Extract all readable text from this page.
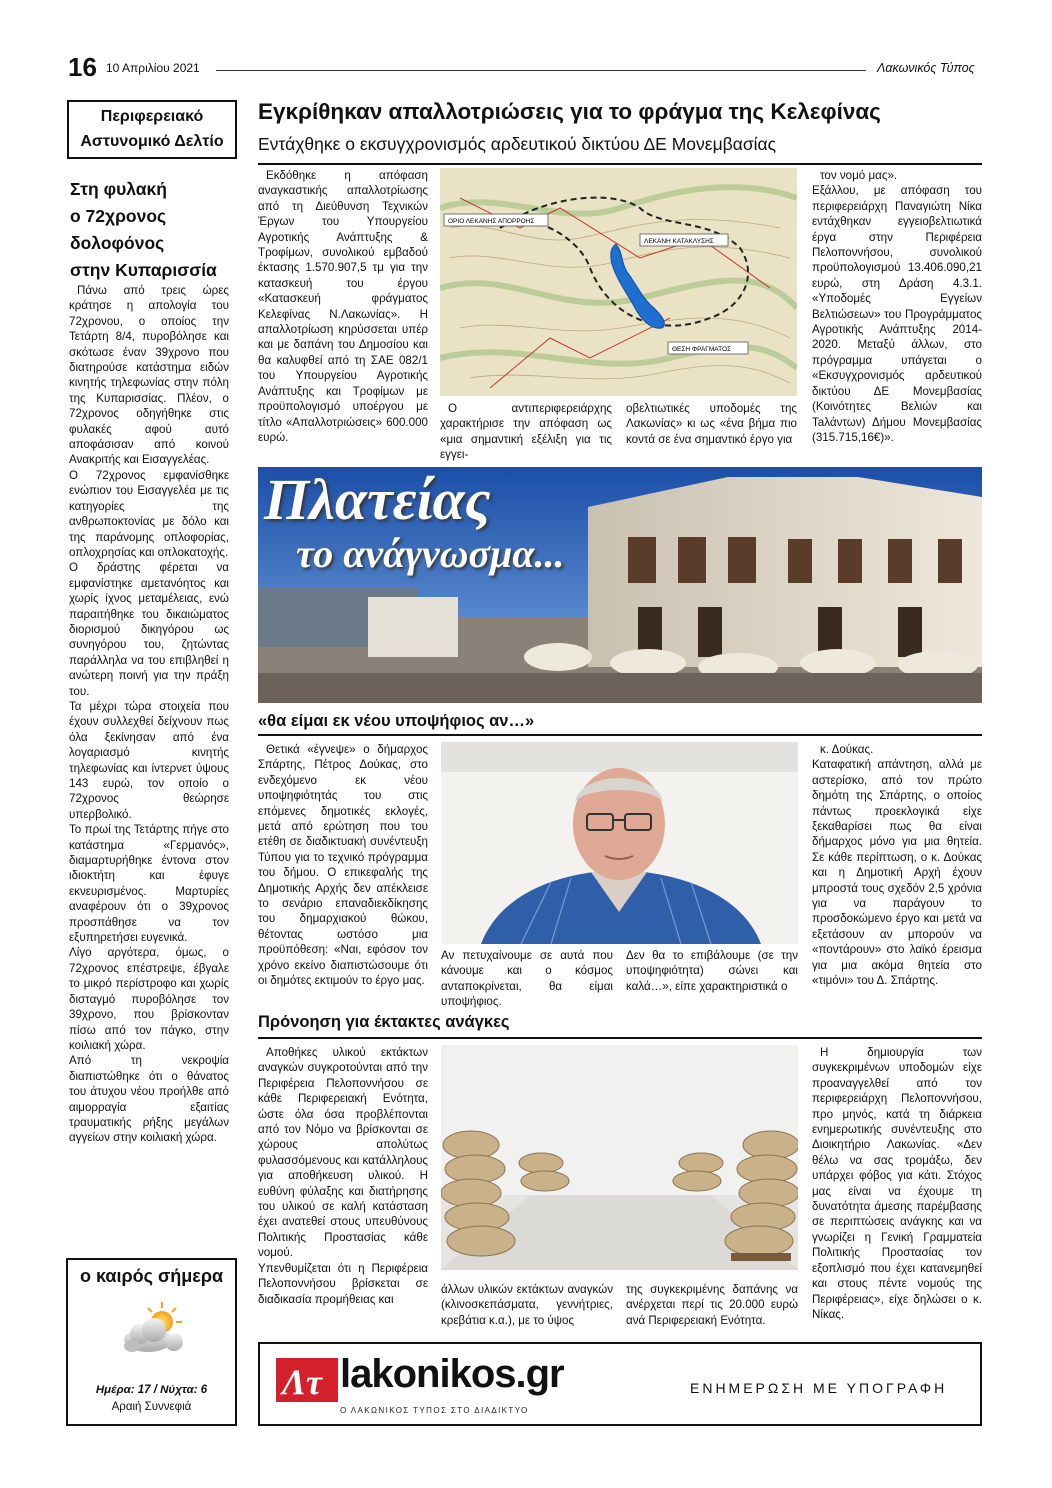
16 10 Απριλίου 2021	Λακωνικός Τύπος
Περιφερειακό
Αστυνομικό Δελτίο
Στη φυλακή
ο 72χρονος
δολοφόνος
στην Κυπαρισσία

Πάνω από τρεις ώρες κράτησε η απολογία του 72χρονου, ο οποίος την Τετάρτη 8/4, πυροβόλησε και σκότωσε έναν 39χρονο που διατηρούσε κατάστημα ειδών κινητής τηλεφωνίας στην πόλη της Κυπαρισσίας. Πλέον, ο 72χρονος οδηγήθηκε στις φυλακές αφού αυτό αποφάσισαν από κοινού Ανακριτής και Εισαγγελέας.
Ο 72χρονος εμφανίσθηκε ενώπιον του Εισαγγελέα με τις κατηγορίες της ανθρωποκτονίας με δόλο και της παράνομης οπλοφορίας, οπλοχρησίας και οπλοκατοχής.
Ο δράστης φέρεται να εμφανίστηκε αμετανόητος και χωρίς ίχνος μεταμέλειας, ενώ παραιτήθηκε του δικαιώματος διορισμού δικηγόρου ως συνηγόρου του, ζητώντας παράλληλα να του επιβληθεί η ανώτερη ποινή για την πράξη του.
Τα μέχρι τώρα στοιχεία που έχουν συλλεχθεί δείχνουν πως όλα ξεκίνησαν από ένα λογαριασμό κινητής τηλεφωνίας και ίντερνετ ύψους 143 ευρώ, τον οποίο ο 72χρονος θεώρησε υπερβολικό.
Το πρωί της Τετάρτης πήγε στο κατάστημα «Γερμανός», διαμαρτυρήθηκε έντονα στον ιδιοκτήτη και έφυγε εκνευρισμένος. Μαρτυρίες αναφέρουν ότι ο 39χρονος προσπάθησε να τον εξυπηρετήσει ευγενικά.
Λίγο αργότερα, όμως, ο 72χρονος επέστρεψε, έβγαλε το μικρό περίστροφο και χωρίς δισταγμό πυροβόλησε τον 39χρονο, που βρίσκονταν πίσω από τον πάγκο, στην κοιλιακή χώρα.
Από τη νεκροψία διαπιστώθηκε ότι ο θάνατος του άτυχου νέου προήλθε από αιμορραγία εξαιτίας τραυματικής ρήξης μεγάλων αγγείων στην κοιλιακή χώρα.

ο καιρός σήμερα
Ημέρα: 17 / Νύχτα: 6
Αραιή Συννεφιά
Εγκρίθηκαν απαλλοτριώσεις για το φράγμα της Κελεφίνας
Εντάχθηκε ο εκσυγχρονισμός αρδευτικού δικτύου ΔΕ Μονεμβασίας

Εκδόθηκε η απόφαση αναγκαστικής απαλλοτρίωσης από τη Διεύθυνση Τεχνικών Έργων του Υπουργείου Αγροτικής Ανάπτυξης & Τροφίμων, συνολικού εμβαδού έκτασης 1.570.907,5 τμ για την κατασκευή του έργου «Κατασκευή φράγματος Κελεφίνας Ν.Λακωνίας». Η απαλλοτρίωση κηρύσσεται υπέρ και με δαπάνη του Δημοσίου και θα καλυφθεί από τη ΣΑΕ 082/1 του Υπουργείου Αγροτικής Ανάπτυξης και Τροφίμων με προϋπολογισμό υποέργου με τίτλο «Απαλλοτριώσεις» 600.000 ευρώ.

ΟΡΙΟ ΛΕΚΑΝΗΣ ΑΠΟΡΡΟΗΣ
ΛΕΚΑΝΗ ΚΑΤΑΚΛΥΣΗΣ
ΘΕΣΗ ΦΡΑΓΜΑΤΟΣ

Ο αντιπεριφερειάρχης χαρακτήρισε την απόφαση ως «μια σημαντική εξέλιξη για τις εγγει-

οβελτιωτικές υποδομές της Λακωνίας» κι ως «ένα βήμα πιο κοντά σε ένα σημαντικό έργο για

τον νομό μας».
Εξάλλου, με απόφαση του περιφερειάρχη Παναγιώτη Νίκα εντάχθηκαν εγγειοβελτιωτικά έργα στην Περιφέρεια Πελοποννήσου, συνολικού προϋπολογισμού 13.406.090,21 ευρώ, στη Δράση 4.3.1. «Υποδομές Εγγείων Βελτιώσεων» του Προγράμματος Αγροτικής Ανάπτυξης 2014-2020. Μεταξύ άλλων, στο πρόγραμμα υπάγεται ο «Εκσυγχρονισμός αρδευτικού δικτύου ΔΕ Μονεμβασίας (Κοινότητες Βελιών και Taλάντων) Δήμου Μονεμβασίας (315.715,16€)».

Πλατείας
το ανάγνωσμα...
«θα είμαι εκ νέου υποψήφιος αν…»

Θετικά «έγνεψε» ο δήμαρχος Σπάρτης, Πέτρος Δούκας, στο ενδεχόμενο εκ νέου υποψηφιότητάς του στις επόμενες δημοτικές εκλογές, μετά από ερώτηση που του ετέθη σε διαδικτυακή συνέντευξη Τύπου για το τεχνικό πρόγραμμα του δήμου. Ο επικεφαλής της Δημοτικής Αρχής δεν απέκλεισε το σενάριο επαναδιεκδίκησης του δημαρχιακού θώκου, θέτοντας ωστόσο μια προϋπόθεση: «Ναι, εφόσον τον χρόνο εκείνο διαπιστώσουμε ότι οι δημότες εκτιμούν το έργο μας.

Αν πετυχαίνουμε σε αυτά που κάνουμε και ο κόσμος ανταποκρίνεται, θα είμαι υποψήφιος.

Δεν θα το επιβάλουμε (σε την υποψηφιότητα) σώνει και καλά…», είπε χαρακτηριστικά ο

κ. Δούκας.
Καταφατική απάντηση, αλλά με αστερίσκο, από τον πρώτο δημότη της Σπάρτης, ο οποίος πάντως προεκλογικά είχε ξεκαθαρίσει πως θα είναι δήμαρχος μόνο για μια θητεία. Σε κάθε περίπτωση, ο κ. Δούκας και η Δημοτική Αρχή έχουν μπροστά τους σχεδόν 2,5 χρόνια για να παράγουν το προσδοκώμενο έργο και μετά να εξετάσουν αν μπορούν να «ποντάρουν» στο λαϊκό έρεισμα για μια ακόμα θητεία στο «τιμόνι» του Δ. Σπάρτης.

Πρόνοηση για έκτακτες ανάγκες

Αποθήκες υλικού εκτάκτων αναγκών συγκροτούνται από την Περιφέρεια Πελοποννήσου σε κάθε Περιφερειακή Ενότητα, ώστε όλα όσα προβλέπονται από τον Νόμο να βρίσκονται σε χώρους απολύτως φυλασσόμενους και κατάλληλους για αποθήκευση υλικού. Η ευθύνη φύλαξης και διατήρησης του υλικού σε καλή κατάσταση έχει ανατεθεί στους υπευθύνους Πολιτικής Προστασίας κάθε νομού.
Υπενθυμίζεται ότι η Περιφέρεια Πελοποννήσου βρίσκεται σε διαδικασία προμήθειας και

άλλων υλικών εκτάκτων αναγκών (κλινοσκεπάσματα, γεννήτριες, κρεβάτια κ.α.), με το ύψος

της συγκεκριμένης δαπάνης να ανέρχεται περί τις 20.000 ευρώ ανά Περιφερειακή Ενότητα.

Η δημιουργία των συγκεκριμένων υποδομών είχε προαναγγελθεί από τον περιφερειάρχη Πελοποννήσου, προ μηνός, κατά τη διάρκεια ενημερωτικής συνέντευξης στο Διοικητήριο Λακωνίας. «Δεν θέλω να σας τρομάξω, δεν υπάρχει φόβος για κάτι. Στόχος μας είναι να έχουμε τη δυνατότητα άμεσης παρέμβασης σε περιπτώσεις ανάγκης και να γνωρίζει η Γενική Γραμματεία Πολιτικής Προστασίας τον εξοπλισμό που έχει κατανεμηθεί και στους πέντε νομούς της Περιφέρειας», είχε δηλώσει ο κ. Νίκας.

Λτ lakonikos.gr
Ο ΛΑΚΩΝΙΚΟΣ ΤΥΠΟΣ ΣΤΟ ΔΙΑΔΙΚΤΥΟ
ΕΝΗΜΕΡΩΣΗ ΜΕ ΥΠΟΓΡΑΦΗ
